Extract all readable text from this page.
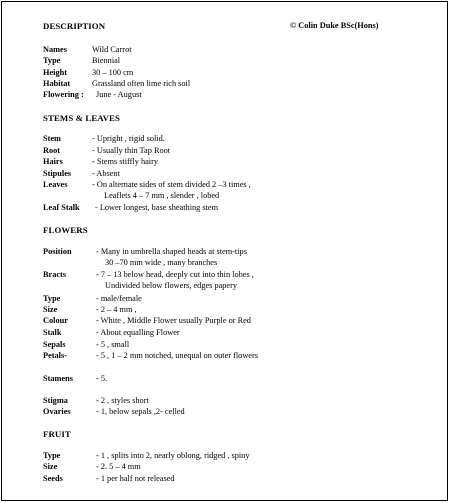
DESCRIPTION	© Colin Duke BSc(Hons)
Names	Wild Carrot
Type	Biennial
Height	30 – 100 cm
Habitat	Grassland often lime rich soil
Flowering : June - August
STEMS & LEAVES
Stem	- Upright , rigid solid.
Root	- Usually thin Tap Root
Hairs	- Stems stiffly hairy
Stipules	- Absent
Leaves	- On alternate sides of stem divided 2 –3 times ,
Leaflets 4 – 7 mm , slender , lobed
Leaf Stalk - Lower longest, base sheathing stem
FLOWERS
Position	- Many in umbrella shaped heads at stem-tips
30 –70 mm wide , many branches
Bracts	- 7 – 13 below head, deeply cut into thin lobes ,
Undivided below flowers, edges papery
Type	- male/female
Size	- 2 – 4 mm ,
Colour	- White , Middle Flower usually Purple or Red
Stalk	- About equalling Flower
Sepals	- 5 , small
Petals-	- 5 , 1 – 2 mm notched, unequal on outer flowers
Stamens	- 5.
Stigma	- 2 , styles short
Ovaries	- 1, below sepals ,2- celled
FRUIT
Type	- 1 , splits into 2, nearly oblong, ridged , spiny
Size	- 2. 5 – 4 mm
Seeds	- 1 per half not released
